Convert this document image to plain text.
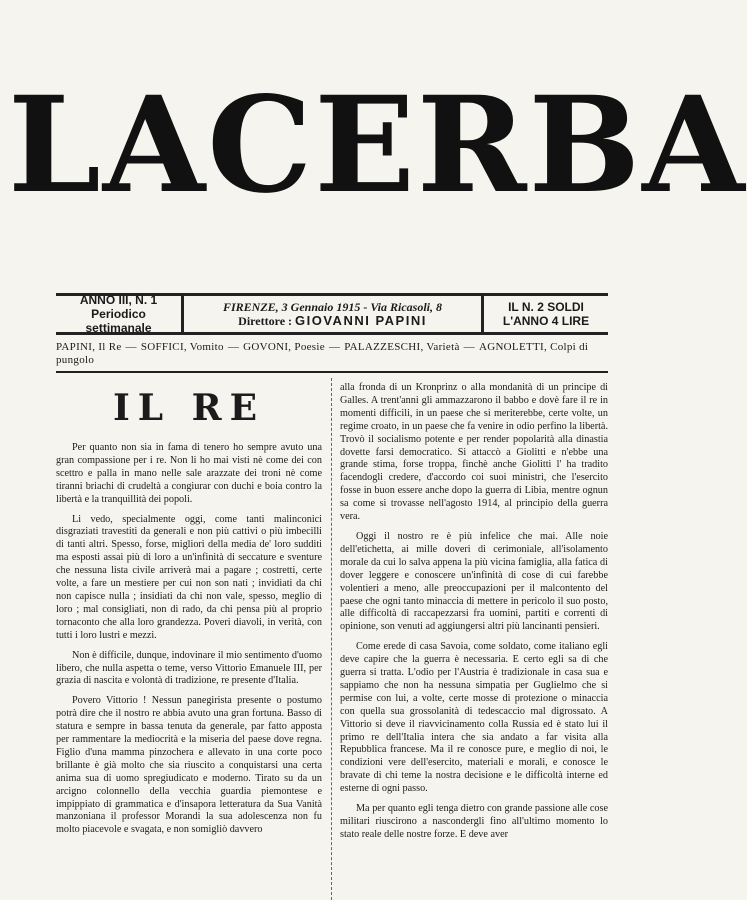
LACERBA
ANNO III, N. 1
Periodico settimanale
FIRENZE, 3 Gennaio 1915 - Via Ricasoli, 8
Direttore : GIOVANNI PAPINI
IL N. 2 SOLDI
L'ANNO 4 LIRE
PAPINI, Il Re — SOFFICI, Vomito — GOVONI, Poesie — PALAZZESCHI, Varietà — AGNOLETTI, Colpi di pungolo
IL RE

Per quanto non sia in fama di tenero ho sempre avuto una gran compassione per i re. Non li ho mai visti nè come dei con scettro e palla in mano nelle sale arazzate dei troni nè come tiranni briachi di crudeltà a congiurar con duchi e boia contro la libertà e la tranquillità dei popoli.

Li vedo, specialmente oggi, come tanti malinconici disgraziati travestiti da generali e non più cattivi o più imbecilli di tanti altri. Spesso, forse, migliori della media de' loro sudditi ma esposti assai più di loro a un'infinità di seccature e sventure che nessuna lista civile arriverà mai a pagare ; costretti, certe volte, a fare un mestiere per cui non son nati ; invidiati da chi non capisce nulla ; insidiati da chi non vale, spesso, meglio di loro ; mal consigliati, non di rado, da chi pensa più al proprio tornaconto che alla loro grandezza. Poveri diavoli, in verità, con tutti i loro lustri e mezzi.

Non è difficile, dunque, indovinare il mio sentimento d'uomo libero, che nulla aspetta o teme, verso Vittorio Emanuele III, per grazia di nascita e volontà di tradizione, re presente d'Italia.

Povero Vittorio ! Nessun panegirista presente o postumo potrà dire che il nostro re abbia avuto una gran fortuna. Basso di statura e sempre in bassa tenuta da generale, par fatto apposta per rammentare la mediocrità e la miseria del paese dove regna. Figlio d'una mamma pinzochera e allevato in una corte poco brillante è già molto che sia riuscito a conquistarsi una certa anima sua di uomo spregiudicato e moderno. Tirato su da un arcigno colonnello della vecchia guardia piemontese e impippiato di grammatica e d'insapora letteratura da Sua Vanità manzoniana il professor Morandi la sua adolescenza non fu molto piacevole e svagata, e non somigliò davvero

alla fronda di un Kronprinz o alla mondanità di un principe di Galles. A trent'anni gli ammazzarono il babbo e dovè fare il re in momenti difficili, in un paese che si meriterebbe, certe volte, un regime croato, in un paese che fa venire in odio perfino la libertà. Trovò il socialismo potente e per render popolarità alla dinastia dovette farsi democratico. Si attaccò a Giolitti e n'ebbe una grande stima, forse troppa, finchè anche Giolitti l' ha tradito facendogli credere, d'accordo coi suoi ministri, che l'esercito fosse in buon essere anche dopo la guerra di Libia, mentre ognun sa come si trovasse nell'agosto 1914, al principio della guerra vera.

Oggi il nostro re è più infelice che mai. Alle noie dell'etichetta, ai mille doveri di cerimoniale, all'isolamento morale da cui lo salva appena la più vicina famiglia, alla fatica di dover leggere e conoscere un'infinità di cose di cui farebbe volentieri a meno, alle preoccupazioni per il malcontento del paese che ogni tanto minaccia di mettere in pericolo il suo posto, alle difficoltà di raccapezzarsi fra uomini, partiti e correnti di opinione, son venuti ad aggiungersi altri più lancinanti pensieri.

Come erede di casa Savoia, come soldato, come italiano egli deve capire che la guerra è necessaria. E certo egli sa di che guerra si tratta. L'odio per l'Austria è tradizionale in casa sua e sappiamo che non ha nessuna simpatia per Guglielmo che si permise con lui, a volte, certe mosse di protezione o minaccia con quella sua grossolanità di tedescaccio mal digrossato. A Vittorio si deve il riavvicinamento colla Russia ed è stato lui il primo re dell'Italia intera che sia andato a far visita alla Repubblica francese. Ma il re conosce pure, e meglio di noi, le condizioni vere dell'esercito, materiali e morali, e conosce le bravate di chi teme la nostra decisione e le difficoltà interne ed esterne di ogni passo.

Ma per quanto egli tenga dietro con grande passione alle cose militari riuscirono a nascondergli fino all'ultimo momento lo stato reale delle nostre forze. E deve aver
